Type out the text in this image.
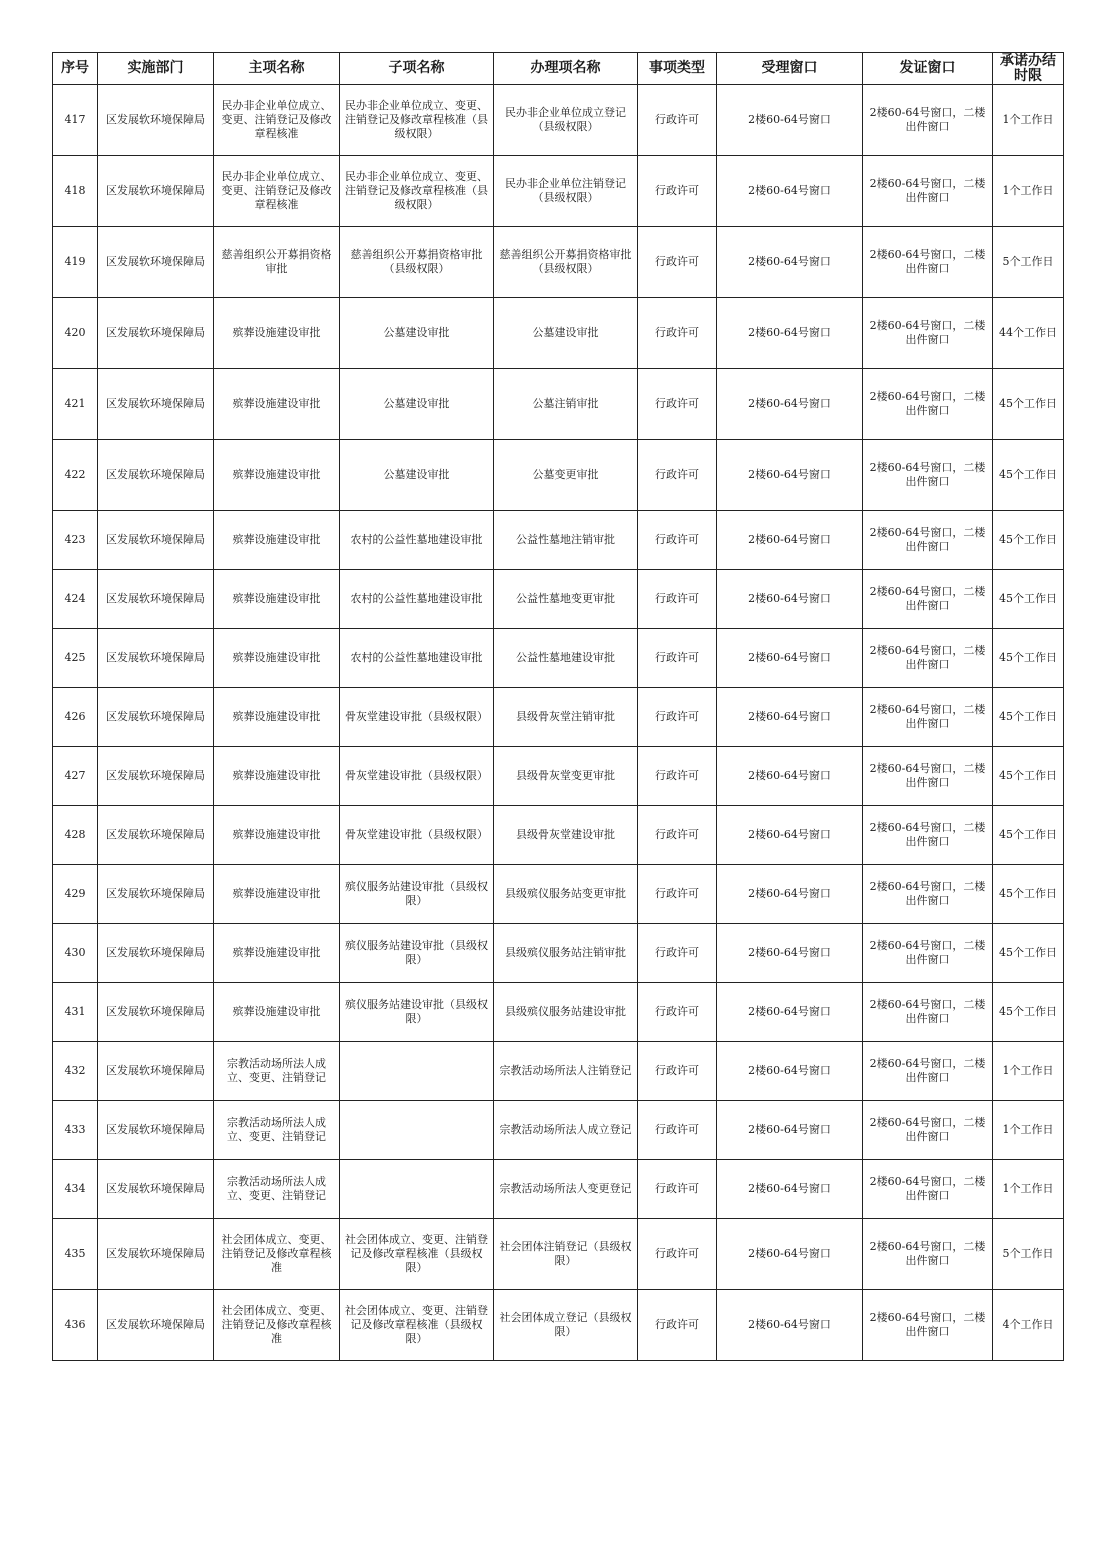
序号	实施部门	主项名称	子项名称	办理项名称	事项类型	受理窗口	发证窗口	承诺办结时限
417	区发展软环境保障局	民办非企业单位成立、变更、注销登记及修改章程核准	民办非企业单位成立、变更、注销登记及修改章程核准（县级权限）	民办非企业单位成立登记（县级权限）	行政许可	2楼60-64号窗口	2楼60-64号窗口，二楼出件窗口	1个工作日
418	区发展软环境保障局	民办非企业单位成立、变更、注销登记及修改章程核准	民办非企业单位成立、变更、注销登记及修改章程核准（县级权限）	民办非企业单位注销登记（县级权限）	行政许可	2楼60-64号窗口	2楼60-64号窗口，二楼出件窗口	1个工作日
419	区发展软环境保障局	慈善组织公开募捐资格审批	慈善组织公开募捐资格审批（县级权限）	慈善组织公开募捐资格审批（县级权限）	行政许可	2楼60-64号窗口	2楼60-64号窗口，二楼出件窗口	5个工作日
420	区发展软环境保障局	殡葬设施建设审批	公墓建设审批	公墓建设审批	行政许可	2楼60-64号窗口	2楼60-64号窗口，二楼出件窗口	44个工作日
421	区发展软环境保障局	殡葬设施建设审批	公墓建设审批	公墓注销审批	行政许可	2楼60-64号窗口	2楼60-64号窗口，二楼出件窗口	45个工作日
422	区发展软环境保障局	殡葬设施建设审批	公墓建设审批	公墓变更审批	行政许可	2楼60-64号窗口	2楼60-64号窗口，二楼出件窗口	45个工作日
423	区发展软环境保障局	殡葬设施建设审批	农村的公益性墓地建设审批	公益性墓地注销审批	行政许可	2楼60-64号窗口	2楼60-64号窗口，二楼出件窗口	45个工作日
424	区发展软环境保障局	殡葬设施建设审批	农村的公益性墓地建设审批	公益性墓地变更审批	行政许可	2楼60-64号窗口	2楼60-64号窗口，二楼出件窗口	45个工作日
425	区发展软环境保障局	殡葬设施建设审批	农村的公益性墓地建设审批	公益性墓地建设审批	行政许可	2楼60-64号窗口	2楼60-64号窗口，二楼出件窗口	45个工作日
426	区发展软环境保障局	殡葬设施建设审批	骨灰堂建设审批（县级权限）	县级骨灰堂注销审批	行政许可	2楼60-64号窗口	2楼60-64号窗口，二楼出件窗口	45个工作日
427	区发展软环境保障局	殡葬设施建设审批	骨灰堂建设审批（县级权限）	县级骨灰堂变更审批	行政许可	2楼60-64号窗口	2楼60-64号窗口，二楼出件窗口	45个工作日
428	区发展软环境保障局	殡葬设施建设审批	骨灰堂建设审批（县级权限）	县级骨灰堂建设审批	行政许可	2楼60-64号窗口	2楼60-64号窗口，二楼出件窗口	45个工作日
429	区发展软环境保障局	殡葬设施建设审批	殡仪服务站建设审批（县级权限）	县级殡仪服务站变更审批	行政许可	2楼60-64号窗口	2楼60-64号窗口，二楼出件窗口	45个工作日
430	区发展软环境保障局	殡葬设施建设审批	殡仪服务站建设审批（县级权限）	县级殡仪服务站注销审批	行政许可	2楼60-64号窗口	2楼60-64号窗口，二楼出件窗口	45个工作日
431	区发展软环境保障局	殡葬设施建设审批	殡仪服务站建设审批（县级权限）	县级殡仪服务站建设审批	行政许可	2楼60-64号窗口	2楼60-64号窗口，二楼出件窗口	45个工作日
432	区发展软环境保障局	宗教活动场所法人成立、变更、注销登记		宗教活动场所法人注销登记	行政许可	2楼60-64号窗口	2楼60-64号窗口，二楼出件窗口	1个工作日
433	区发展软环境保障局	宗教活动场所法人成立、变更、注销登记		宗教活动场所法人成立登记	行政许可	2楼60-64号窗口	2楼60-64号窗口，二楼出件窗口	1个工作日
434	区发展软环境保障局	宗教活动场所法人成立、变更、注销登记		宗教活动场所法人变更登记	行政许可	2楼60-64号窗口	2楼60-64号窗口，二楼出件窗口	1个工作日
435	区发展软环境保障局	社会团体成立、变更、注销登记及修改章程核准	社会团体成立、变更、注销登记及修改章程核准（县级权限）	社会团体注销登记（县级权限）	行政许可	2楼60-64号窗口	2楼60-64号窗口，二楼出件窗口	5个工作日
436	区发展软环境保障局	社会团体成立、变更、注销登记及修改章程核准	社会团体成立、变更、注销登记及修改章程核准（县级权限）	社会团体成立登记（县级权限）	行政许可	2楼60-64号窗口	2楼60-64号窗口，二楼出件窗口	4个工作日
